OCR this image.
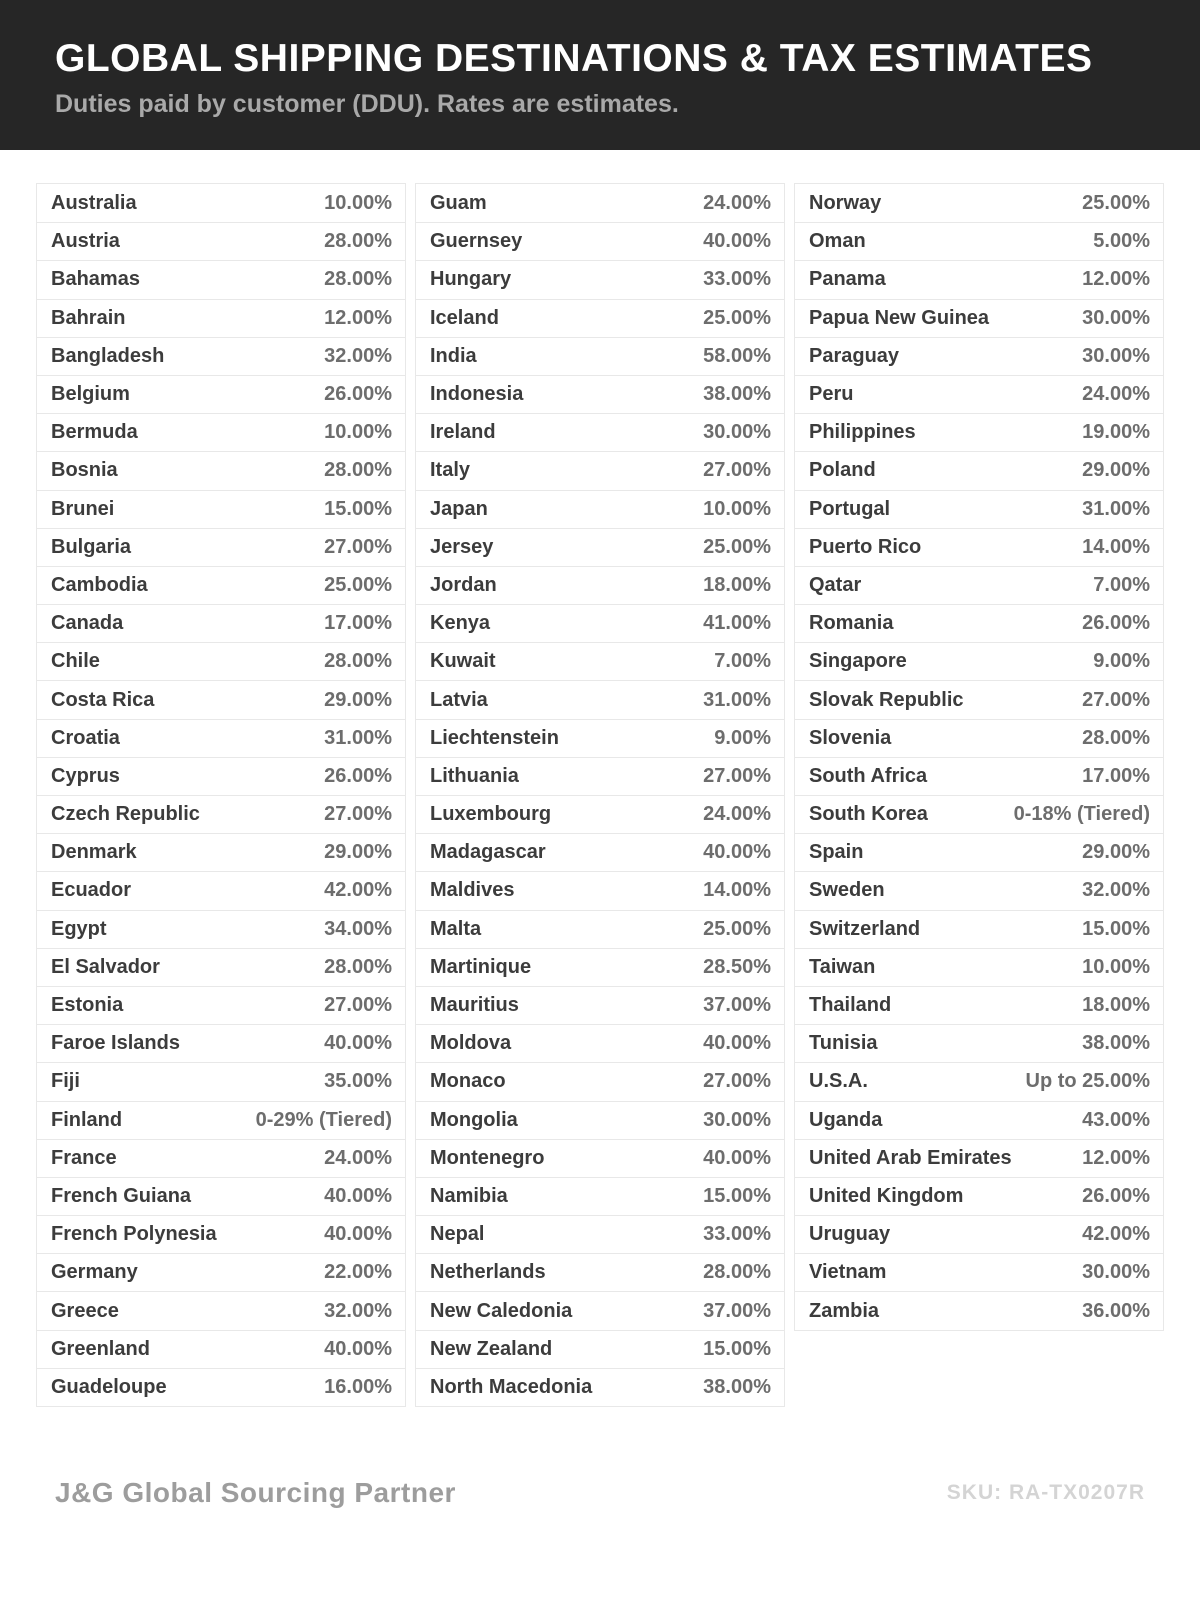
GLOBAL SHIPPING DESTINATIONS & TAX ESTIMATES
Duties paid by customer (DDU). Rates are estimates.
Australia	10.00%
Austria	28.00%
Bahamas	28.00%
Bahrain	12.00%
Bangladesh	32.00%
Belgium	26.00%
Bermuda	10.00%
Bosnia	28.00%
Brunei	15.00%
Bulgaria	27.00%
Cambodia	25.00%
Canada	17.00%
Chile	28.00%
Costa Rica	29.00%
Croatia	31.00%
Cyprus	26.00%
Czech Republic	27.00%
Denmark	29.00%
Ecuador	42.00%
Egypt	34.00%
El Salvador	28.00%
Estonia	27.00%
Faroe Islands	40.00%
Fiji	35.00%
Finland	0-29% (Tiered)
France	24.00%
French Guiana	40.00%
French Polynesia	40.00%
Germany	22.00%
Greece	32.00%
Greenland	40.00%
Guadeloupe	16.00%
Guam	24.00%
Guernsey	40.00%
Hungary	33.00%
Iceland	25.00%
India	58.00%
Indonesia	38.00%
Ireland	30.00%
Italy	27.00%
Japan	10.00%
Jersey	25.00%
Jordan	18.00%
Kenya	41.00%
Kuwait	7.00%
Latvia	31.00%
Liechtenstein	9.00%
Lithuania	27.00%
Luxembourg	24.00%
Madagascar	40.00%
Maldives	14.00%
Malta	25.00%
Martinique	28.50%
Mauritius	37.00%
Moldova	40.00%
Monaco	27.00%
Mongolia	30.00%
Montenegro	40.00%
Namibia	15.00%
Nepal	33.00%
Netherlands	28.00%
New Caledonia	37.00%
New Zealand	15.00%
North Macedonia	38.00%
Norway	25.00%
Oman	5.00%
Panama	12.00%
Papua New Guinea	30.00%
Paraguay	30.00%
Peru	24.00%
Philippines	19.00%
Poland	29.00%
Portugal	31.00%
Puerto Rico	14.00%
Qatar	7.00%
Romania	26.00%
Singapore	9.00%
Slovak Republic	27.00%
Slovenia	28.00%
South Africa	17.00%
South Korea	0-18% (Tiered)
Spain	29.00%
Sweden	32.00%
Switzerland	15.00%
Taiwan	10.00%
Thailand	18.00%
Tunisia	38.00%
U.S.A.	Up to 25.00%
Uganda	43.00%
United Arab Emirates	12.00%
United Kingdom	26.00%
Uruguay	42.00%
Vietnam	30.00%
Zambia	36.00%
J&G Global Sourcing Partner	SKU: RA-TX0207R
